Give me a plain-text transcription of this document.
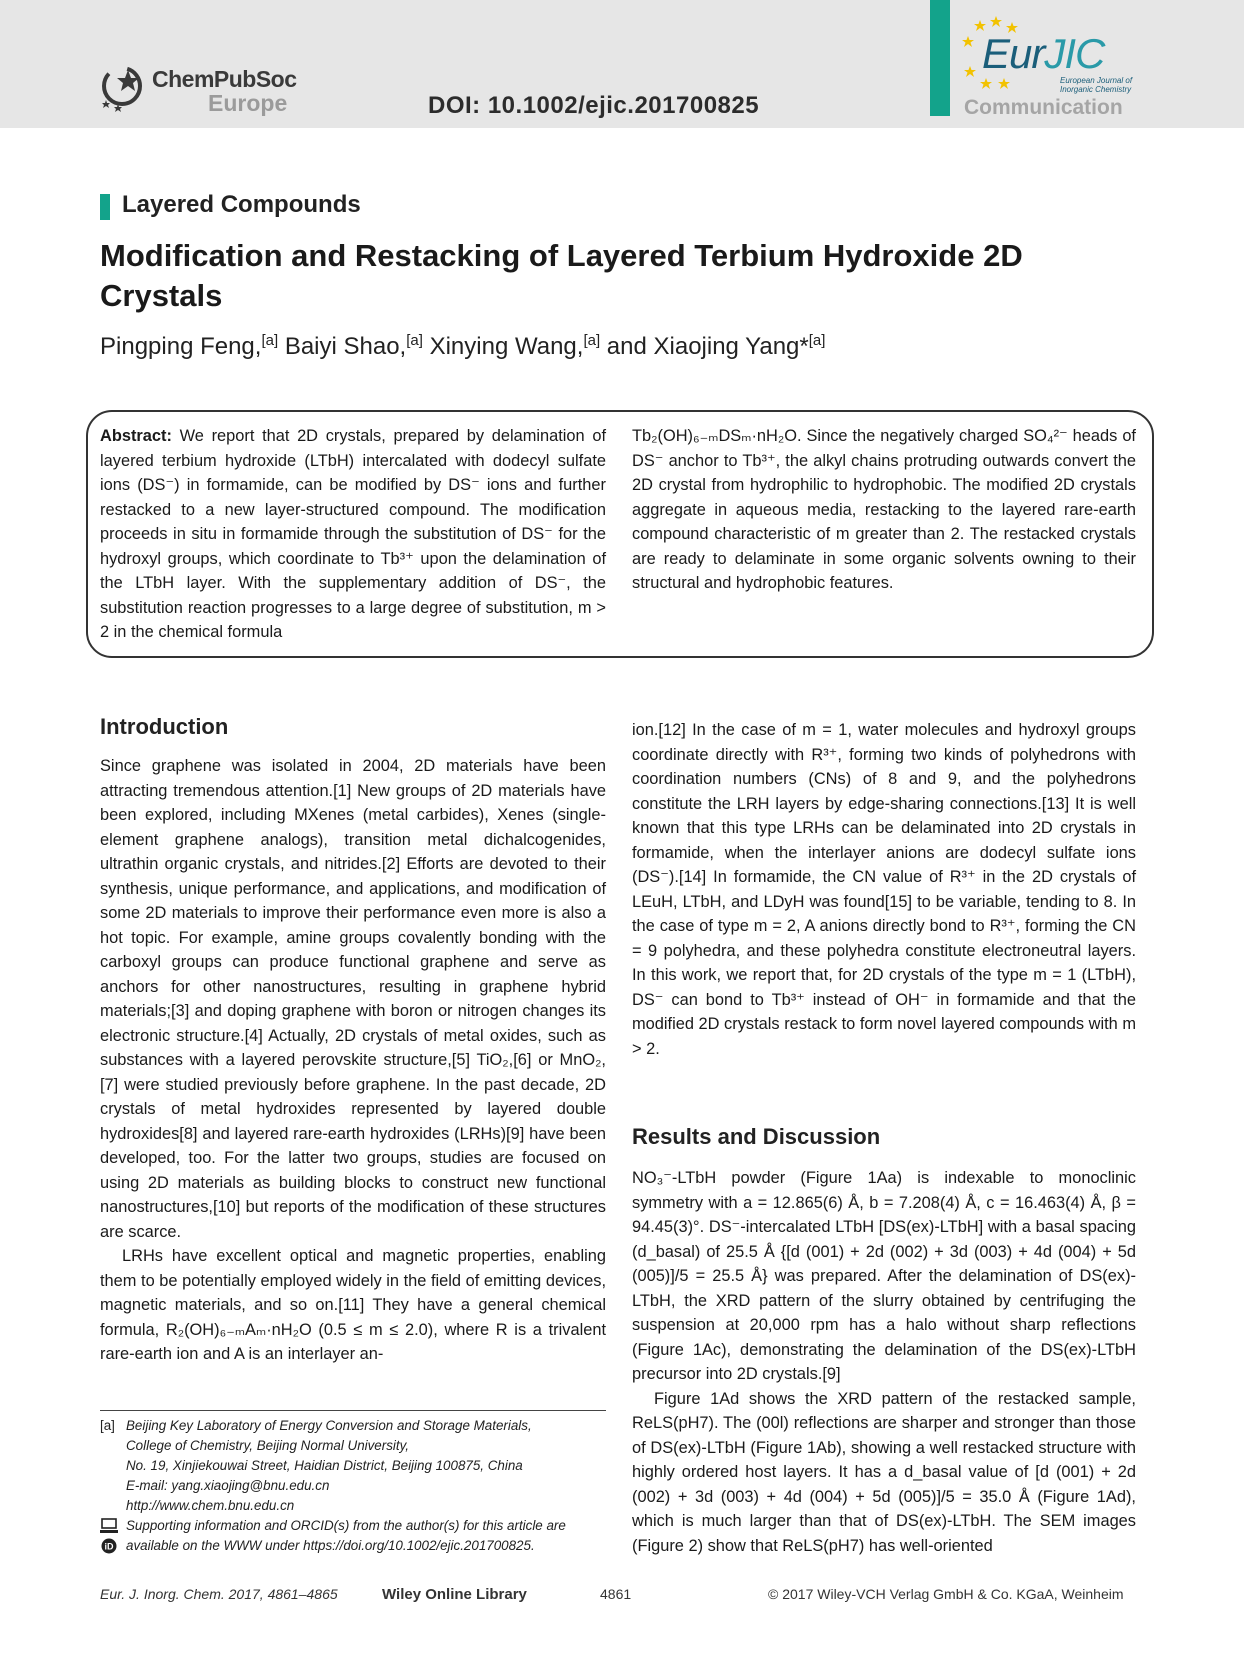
ChemPubSoc
Europe	DOI: 10.1002/ejic.201700825
EurJIC
European Journal of Inorganic Chemistry
Communication
Layered Compounds
Modification and Restacking of Layered Terbium Hydroxide 2D Crystals
Pingping Feng,[a] Baiyi Shao,[a] Xinying Wang,[a] and Xiaojing Yang*[a]
Abstract: We report that 2D crystals, prepared by delamination of layered terbium hydroxide (LTbH) intercalated with dodecyl sulfate ions (DS⁻) in formamide, can be modified by DS⁻ ions and further restacked to a new layer-structured compound. The modification proceeds in situ in formamide through the substitution of DS⁻ for the hydroxyl groups, which coordinate to Tb³⁺ upon the delamination of the LTbH layer. With the supplementary addition of DS⁻, the substitution reaction progresses to a large degree of substitution, m > 2 in the chemical formula
Tb₂(OH)₆₋ₘDSₘ·nH₂O. Since the negatively charged SO₄²⁻ heads of DS⁻ anchor to Tb³⁺, the alkyl chains protruding outwards convert the 2D crystal from hydrophilic to hydrophobic. The modified 2D crystals aggregate in aqueous media, restacking to the layered rare-earth compound characteristic of m greater than 2. The restacked crystals are ready to delaminate in some organic solvents owning to their structural and hydrophobic features.
Introduction

Since graphene was isolated in 2004, 2D materials have been attracting tremendous attention.[1] New groups of 2D materials have been explored, including MXenes (metal carbides), Xenes (single-element graphene analogs), transition metal dichalcogenides, ultrathin organic crystals, and nitrides.[2] Efforts are devoted to their synthesis, unique performance, and applications, and modification of some 2D materials to improve their performance even more is also a hot topic. For example, amine groups covalently bonding with the carboxyl groups can produce functional graphene and serve as anchors for other nanostructures, resulting in graphene hybrid materials;[3] and doping graphene with boron or nitrogen changes its electronic structure.[4] Actually, 2D crystals of metal oxides, such as substances with a layered perovskite structure,[5] TiO₂,[6] or MnO₂,[7] were studied previously before graphene. In the past decade, 2D crystals of metal hydroxides represented by layered double hydroxides[8] and layered rare-earth hydroxides (LRHs)[9] have been developed, too. For the latter two groups, studies are focused on using 2D materials as building blocks to construct new functional nanostructures,[10] but reports of the modification of these structures are scarce.

LRHs have excellent optical and magnetic properties, enabling them to be potentially employed widely in the field of emitting devices, magnetic materials, and so on.[11] They have a general chemical formula, R₂(OH)₆₋ₘAₘ·nH₂O (0.5 ≤ m ≤ 2.0), where R is a trivalent rare-earth ion and A is an interlayer an-

ion.[12] In the case of m = 1, water molecules and hydroxyl groups coordinate directly with R³⁺, forming two kinds of polyhedrons with coordination numbers (CNs) of 8 and 9, and the polyhedrons constitute the LRH layers by edge-sharing connections.[13] It is well known that this type LRHs can be delaminated into 2D crystals in formamide, when the interlayer anions are dodecyl sulfate ions (DS⁻).[14] In formamide, the CN value of R³⁺ in the 2D crystals of LEuH, LTbH, and LDyH was found[15] to be variable, tending to 8. In the case of type m = 2, A anions directly bond to R³⁺, forming the CN = 9 polyhedra, and these polyhedra constitute electroneutral layers. In this work, we report that, for 2D crystals of the type m = 1 (LTbH), DS⁻ can bond to Tb³⁺ instead of OH⁻ in formamide and that the modified 2D crystals restack to form novel layered compounds with m > 2.

Results and Discussion

NO₃⁻-LTbH powder (Figure 1Aa) is indexable to monoclinic symmetry with a = 12.865(6) Å, b = 7.208(4) Å, c = 16.463(4) Å, β = 94.45(3)°. DS⁻-intercalated LTbH [DS(ex)-LTbH] with a basal spacing (d_basal) of 25.5 Å {[d (001) + 2d (002) + 3d (003) + 4d (004) + 5d (005)]/5 = 25.5 Å} was prepared. After the delamination of DS(ex)-LTbH, the XRD pattern of the slurry obtained by centrifuging the suspension at 20,000 rpm has a halo without sharp reflections (Figure 1Ac), demonstrating the delamination of the DS(ex)-LTbH precursor into 2D crystals.[9]

Figure 1Ad shows the XRD pattern of the restacked sample, ReLS(pH7). The (00l) reflections are sharper and stronger than those of DS(ex)-LTbH (Figure 1Ab), showing a well restacked structure with highly ordered host layers. It has a d_basal value of [d (001) + 2d (002) + 3d (003) + 4d (004) + 5d (005)]/5 = 35.0 Å (Figure 1Ad), which is much larger than that of DS(ex)-LTbH. The SEM images (Figure 2) show that ReLS(pH7) has well-oriented

[a] Beijing Key Laboratory of Energy Conversion and Storage Materials,
College of Chemistry, Beijing Normal University,
No. 19, Xinjiekouwai Street, Haidian District, Beijing 100875, China
E-mail: yang.xiaojing@bnu.edu.cn
http://www.chem.bnu.edu.cn
iD
Supporting information and ORCID(s) from the author(s) for this article are
available on the WWW under https://doi.org/10.1002/ejic.201700825.
Eur. J. Inorg. Chem. 2017, 4861–4865	Wiley Online Library	4861	© 2017 Wiley-VCH Verlag GmbH & Co. KGaA, Weinheim
